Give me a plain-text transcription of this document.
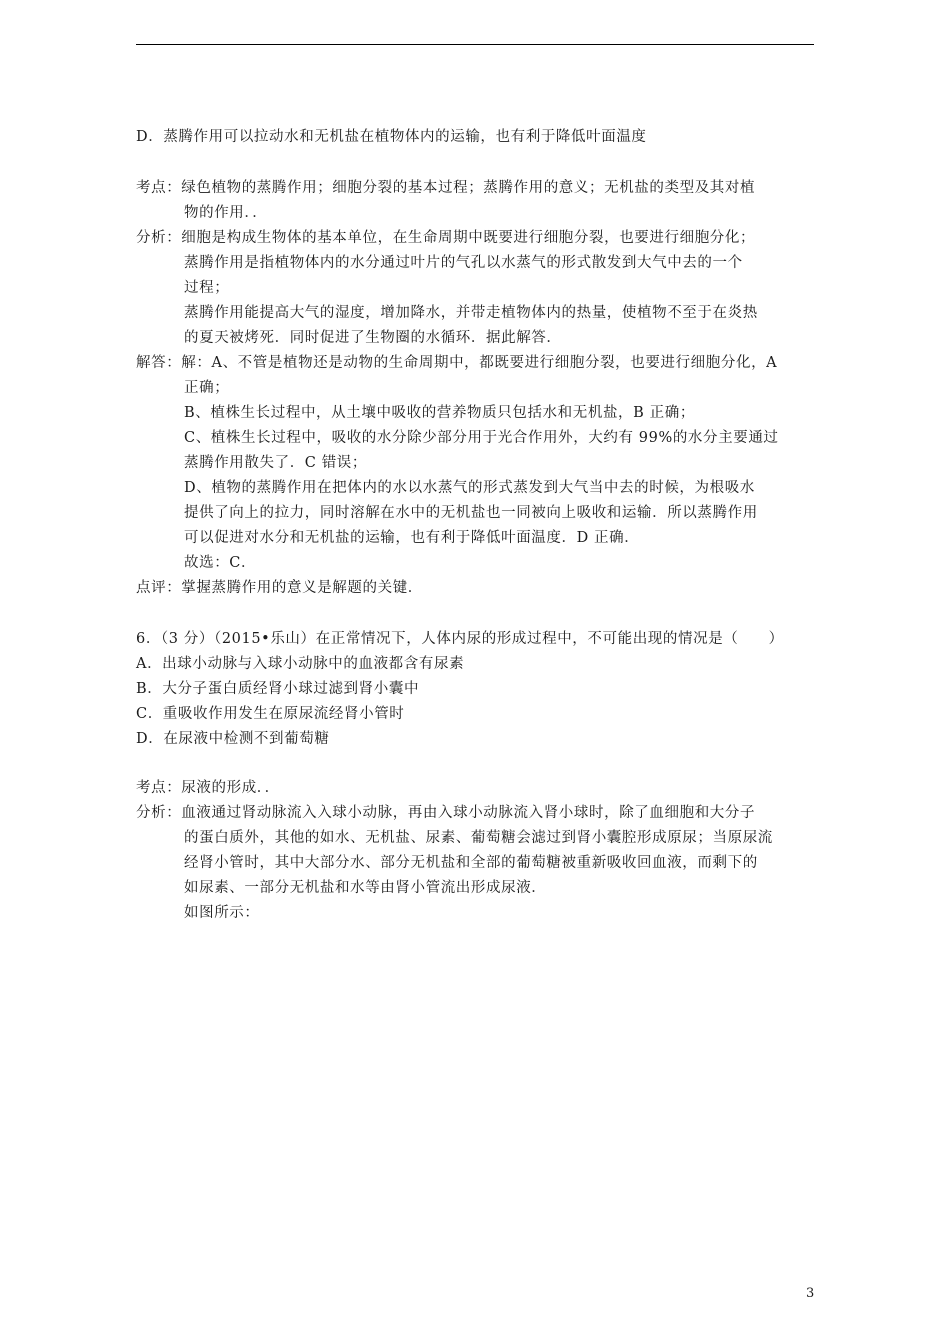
D．蒸腾作用可以拉动水和无机盐在植物体内的运输，也有利于降低叶面温度
考点：绿色植物的蒸腾作用；细胞分裂的基本过程；蒸腾作用的意义；无机盐的类型及其对植
物的作用．．
分析：细胞是构成生物体的基本单位，在生命周期中既要进行细胞分裂，也要进行细胞分化；
蒸腾作用是指植物体内的水分通过叶片的气孔以水蒸气的形式散发到大气中去的一个
过程；
蒸腾作用能提高大气的湿度，增加降水，并带走植物体内的热量，使植物不至于在炎热
的夏天被烤死．同时促进了生物圈的水循环．据此解答．
解答：解：A、不管是植物还是动物的生命周期中，都既要进行细胞分裂，也要进行细胞分化，A
正确；
B、植株生长过程中，从土壤中吸收的营养物质只包括水和无机盐，B 正确；
C、植株生长过程中，吸收的水分除少部分用于光合作用外，大约有 99%的水分主要通过
蒸腾作用散失了．C 错误；
D、植物的蒸腾作用在把体内的水以水蒸气的形式蒸发到大气当中去的时候，为根吸水
提供了向上的拉力，同时溶解在水中的无机盐也一同被向上吸收和运输．所以蒸腾作用
可以促进对水分和无机盐的运输，也有利于降低叶面温度．D 正确．
故选：C．
点评：掌握蒸腾作用的意义是解题的关键．
6．（3 分）（2015•乐山）在正常情况下，人体内尿的形成过程中，不可能出现的情况是（　　）
A．出球小动脉与入球小动脉中的血液都含有尿素
B．大分子蛋白质经肾小球过滤到肾小囊中
C．重吸收作用发生在原尿流经肾小管时
D．在尿液中检测不到葡萄糖
考点：尿液的形成．．
分析：血液通过肾动脉流入入球小动脉，再由入球小动脉流入肾小球时，除了血细胞和大分子
的蛋白质外，其他的如水、无机盐、尿素、葡萄糖会滤过到肾小囊腔形成原尿；当原尿流
经肾小管时，其中大部分水、部分无机盐和全部的葡萄糖被重新吸收回血液，而剩下的
如尿素、一部分无机盐和水等由肾小管流出形成尿液．
如图所示：
3
